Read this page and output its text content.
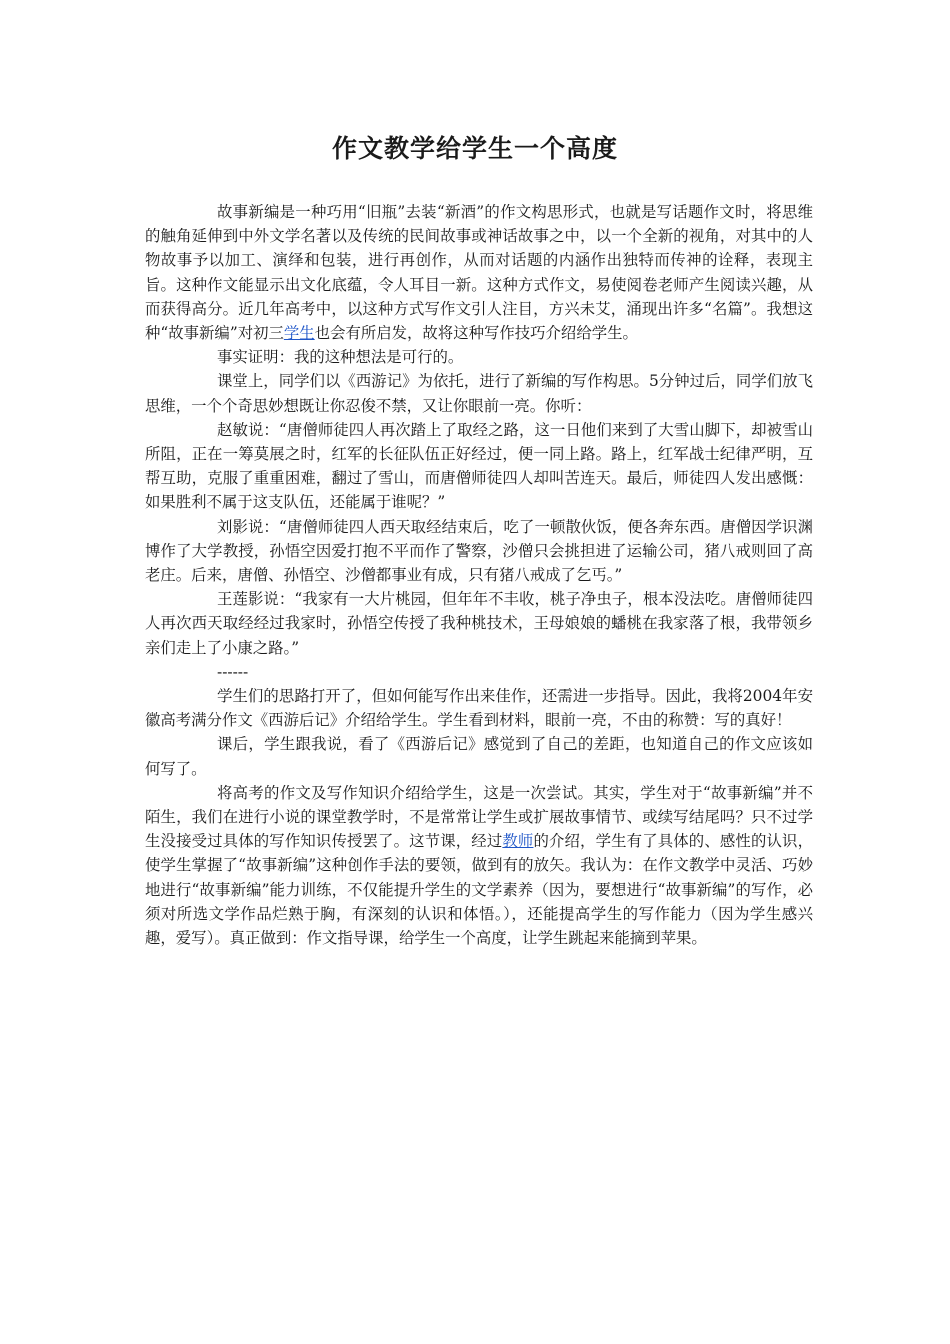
作文教学给学生一个高度

故事新编是一种巧用“旧瓶”去装“新酒”的作文构思形式，也就是写话题作文时，将思维的触角延伸到中外文学名著以及传统的民间故事或神话故事之中，以一个全新的视角，对其中的人物故事予以加工、演绎和包装，进行再创作，从而对话题的内涵作出独特而传神的诠释，表现主旨。这种作文能显示出文化底蕴，令人耳目一新。这种方式作文，易使阅卷老师产生阅读兴趣，从而获得高分。近几年高考中，以这种方式写作文引人注目，方兴未艾，涌现出许多“名篇”。我想这种“故事新编”对初三学生也会有所启发，故将这种写作技巧介绍给学生。

事实证明：我的这种想法是可行的。

课堂上，同学们以《西游记》为依托，进行了新编的写作构思。5分钟过后，同学们放飞思维，一个个奇思妙想既让你忍俊不禁，又让你眼前一亮。你听：

赵敏说：“唐僧师徒四人再次踏上了取经之路，这一日他们来到了大雪山脚下，却被雪山所阻，正在一筹莫展之时，红军的长征队伍正好经过，便一同上路。路上，红军战士纪律严明，互帮互助，克服了重重困难，翻过了雪山，而唐僧师徒四人却叫苦连天。最后，师徒四人发出感慨：如果胜利不属于这支队伍，还能属于谁呢？”

刘影说：“唐僧师徒四人西天取经结束后，吃了一顿散伙饭，便各奔东西。唐僧因学识渊博作了大学教授，孙悟空因爱打抱不平而作了警察，沙僧只会挑担进了运输公司，猪八戒则回了高老庄。后来，唐僧、孙悟空、沙僧都事业有成，只有猪八戒成了乞丐。”

王莲影说：“我家有一大片桃园，但年年不丰收，桃子净虫子，根本没法吃。唐僧师徒四人再次西天取经经过我家时，孙悟空传授了我种桃技术，王母娘娘的蟠桃在我家落了根，我带领乡亲们走上了小康之路。”

------

学生们的思路打开了，但如何能写作出来佳作，还需进一步指导。因此，我将2004年安徽高考满分作文《西游后记》介绍给学生。学生看到材料，眼前一亮，不由的称赞：写的真好！

课后，学生跟我说，看了《西游后记》感觉到了自己的差距，也知道自己的作文应该如何写了。

将高考的作文及写作知识介绍给学生，这是一次尝试。其实，学生对于“故事新编”并不陌生，我们在进行小说的课堂教学时，不是常常让学生或扩展故事情节、或续写结尾吗？只不过学生没接受过具体的写作知识传授罢了。这节课，经过教师的介绍，学生有了具体的、感性的认识，使学生掌握了“故事新编”这种创作手法的要领，做到有的放矢。我认为：在作文教学中灵活、巧妙地进行“故事新编”能力训练，不仅能提升学生的文学素养（因为，要想进行“故事新编”的写作，必须对所选文学作品烂熟于胸，有深刻的认识和体悟。），还能提高学生的写作能力（因为学生感兴趣，爱写）。真正做到：作文指导课，给学生一个高度，让学生跳起来能摘到苹果。
